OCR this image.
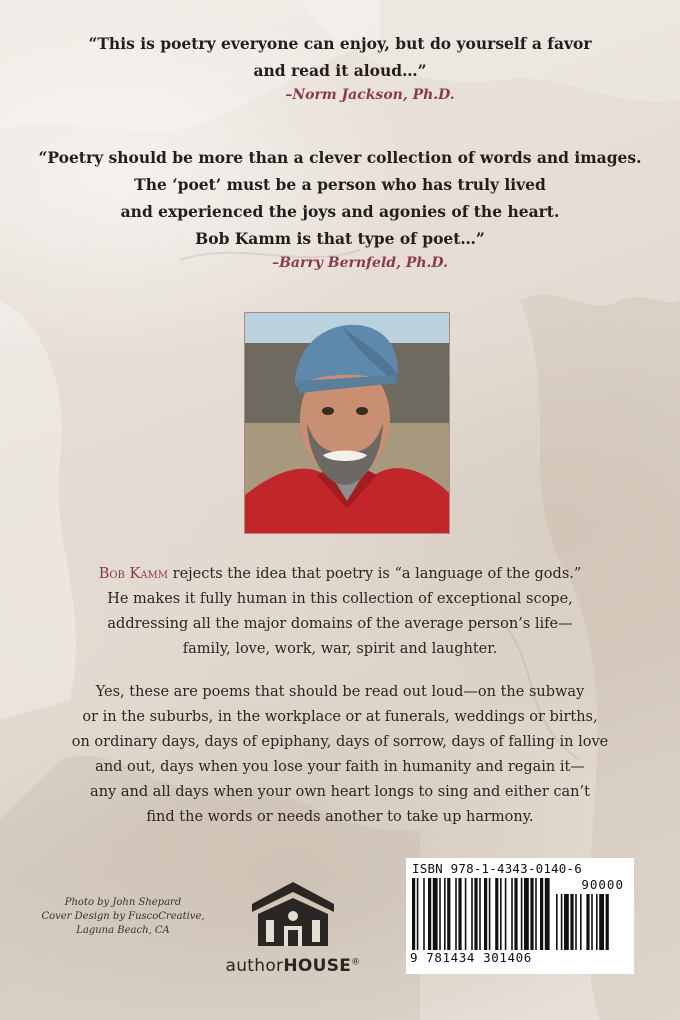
“This is poetry everyone can enjoy, but do yourself a favor
and read it aloud…”
–Norm Jackson, Ph.D.
“Poetry should be more than a clever collection of words and images.
The ‘poet’ must be a person who has truly lived
and experienced the joys and agonies of the heart.
Bob Kamm is that type of poet…”
–Barry Bernfeld, Ph.D.
Bob Kamm rejects the idea that poetry is “a language of the gods.”
He makes it fully human in this collection of exceptional scope,
addressing all the major domains of the average person’s life—
family, love, work, war, spirit and laughter.
Yes, these are poems that should be read out loud—on the subway
or in the suburbs, in the workplace or at funerals, weddings or births,
on ordinary days, days of epiphany, days of sorrow, days of falling in love
and out, days when you lose your faith in humanity and regain it—
any and all days when your own heart longs to sing and either can’t
find the words or needs another to take up harmony.
Photo by John Shepard
Cover Design by FuscoCreative,
Laguna Beach, CA
authorHOUSE®
ISBN 978-1-4343-0140-6
90000
9 781434 301406
